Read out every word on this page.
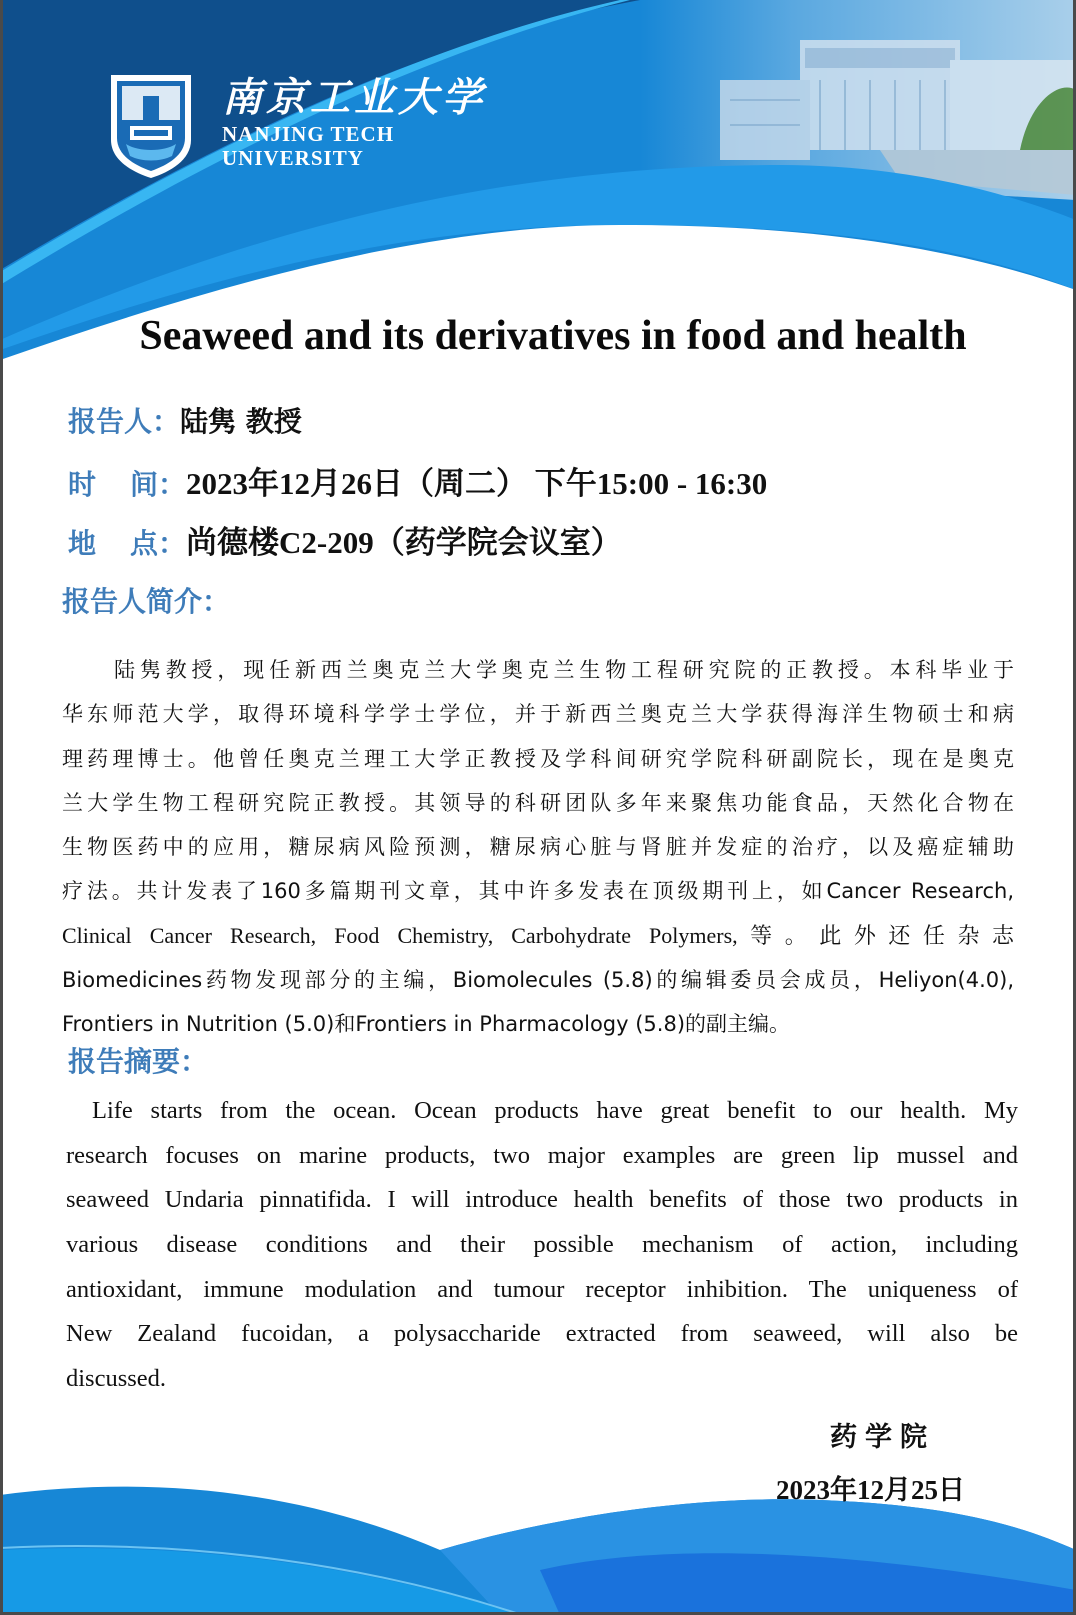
南京工业大学
NANJING TECH
UNIVERSITY
Seaweed and its derivatives in food and health
报告人：陆隽 教授
时 间：2023年12月26日（周二） 下午15:00 - 16:30
地 点：尚德楼C2-209（药学院会议室）
报告人简介：
陆隽教授，现任新西兰奥克兰大学奥克兰生物工程研究院的正教授。本科毕业于
华东师范大学，取得环境科学学士学位，并于新西兰奥克兰大学获得海洋生物硕士和病
理药理博士。他曾任奥克兰理工大学正教授及学科间研究学院科研副院长，现在是奥克
兰大学生物工程研究院正教授。其领导的科研团队多年来聚焦功能食品，天然化合物在
生物医药中的应用，糖尿病风险预测，糖尿病心脏与肾脏并发症的治疗，以及癌症辅助
疗法。共计发表了160多篇期刊文章，其中许多发表在顶级期刊上，如Cancer Research,
Clinical Cancer Research, Food Chemistry, Carbohydrate Polymers,等。此外还任杂志
Biomedicines药物发现部分的主编，Biomolecules (5.8)的编辑委员会成员，Heliyon(4.0),
Frontiers in Nutrition (5.0)和Frontiers in Pharmacology (5.8)的副主编。
报告摘要：
Life starts from the ocean. Ocean products have great benefit to our health. My
research focuses on marine products, two major examples are green lip mussel and
seaweed Undaria pinnatifida. I will introduce health benefits of those two products in
various disease conditions and their possible mechanism of action, including
antioxidant, immune modulation and tumour receptor inhibition. The uniqueness of
New Zealand fucoidan, a polysaccharide extracted from seaweed, will also be
discussed.
药学院
2023年12月25日
